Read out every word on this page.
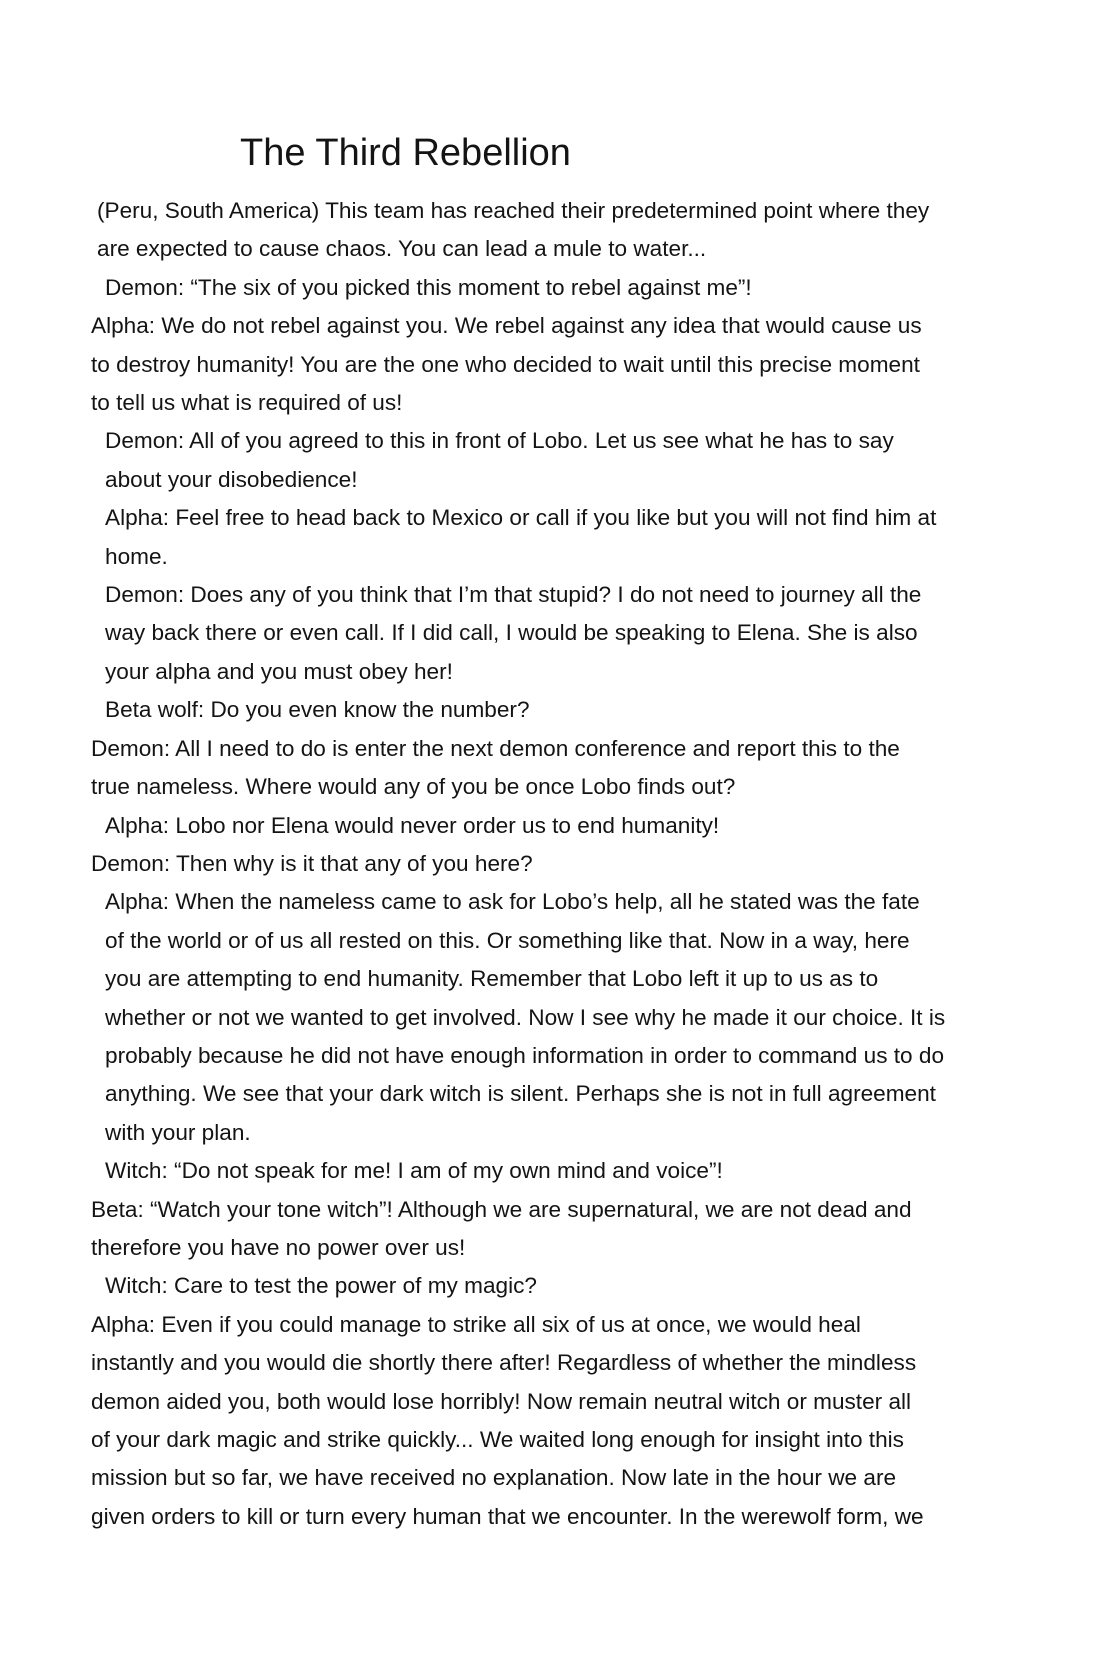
The Third Rebellion

(Peru, South America) This team has reached their predetermined point where they
are expected to cause chaos. You can lead a mule to water...

Demon: “The six of you picked this moment to rebel against me”!

Alpha: We do not rebel against you. We rebel against any idea that would cause us
to destroy humanity! You are the one who decided to wait until this precise moment
to tell us what is required of us!

Demon: All of you agreed to this in front of Lobo. Let us see what he has to say
about your disobedience!

Alpha: Feel free to head back to Mexico or call if you like but you will not find him at
home.

Demon: Does any of you think that I’m that stupid? I do not need to journey all the
way back there or even call. If I did call, I would be speaking to Elena. She is also
your alpha and you must obey her!

Beta wolf: Do you even know the number?

Demon: All I need to do is enter the next demon conference and report this to the
true nameless. Where would any of you be once Lobo finds out?

Alpha: Lobo nor Elena would never order us to end humanity!

Demon: Then why is it that any of you here?

Alpha: When the nameless came to ask for Lobo’s help, all he stated was the fate
of the world or of us all rested on this. Or something like that. Now in a way, here
you are attempting to end humanity. Remember that Lobo left it up to us as to
whether or not we wanted to get involved. Now I see why he made it our choice. It is
probably because he did not have enough information in order to command us to do
anything. We see that your dark witch is silent. Perhaps she is not in full agreement
with your plan.

Witch: “Do not speak for me! I am of my own mind and voice”!

Beta: “Watch your tone witch”! Although we are supernatural, we are not dead and
therefore you have no power over us!

Witch: Care to test the power of my magic?

Alpha: Even if you could manage to strike all six of us at once, we would heal
instantly and you would die shortly there after! Regardless of whether the mindless
demon aided you, both would lose horribly! Now remain neutral witch or muster all
of your dark magic and strike quickly... We waited long enough for insight into this
mission but so far, we have received no explanation. Now late in the hour we are
given orders to kill or turn every human that we encounter. In the werewolf form, we
